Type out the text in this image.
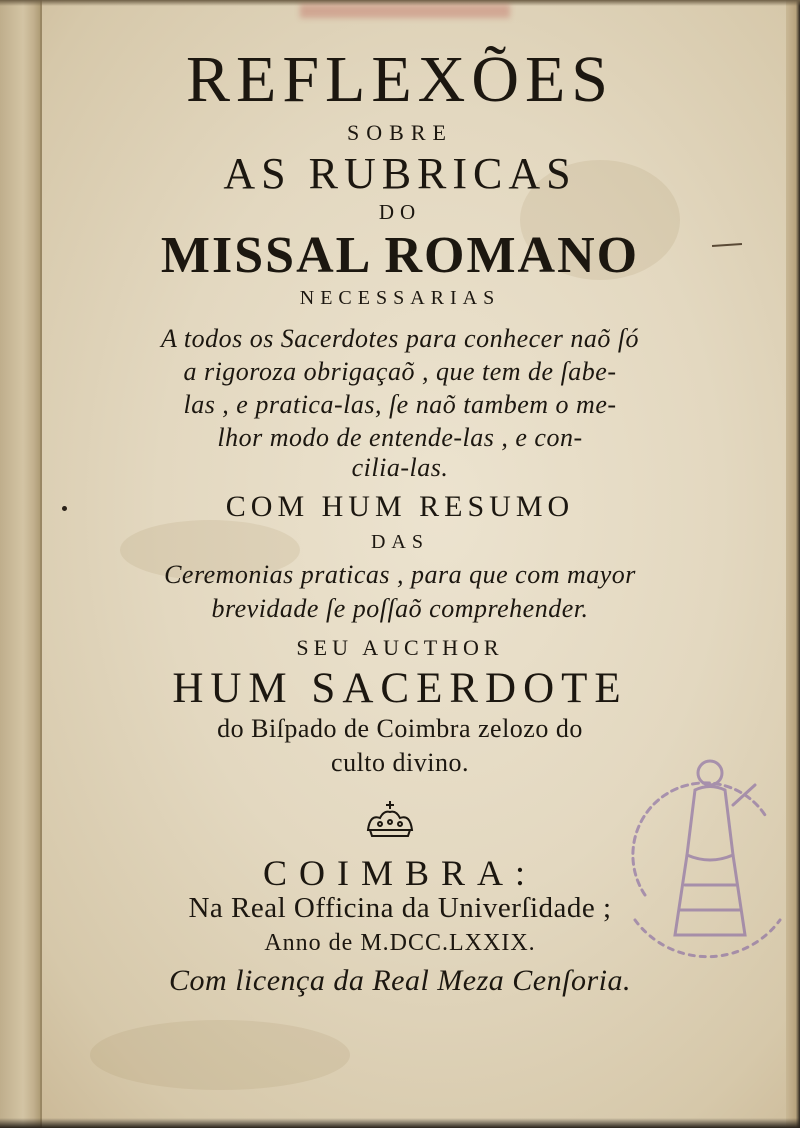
REFLEXÕES
SOBRE
AS RUBRICAS
DO
MISSAL ROMANO
NECESSARIAS
A todos os Sacerdotes para conhecer naõ ſó
a rigoroza obrigaçaõ , que tem de ſabe-
las , e pratica-las, ſe naõ tambem o me-
lhor modo de entende-las , e con-
cilia-las.
COM HUM RESUMO
DAS
Ceremonias praticas , para que com mayor
brevidade ſe poſſaõ comprehender.
SEU AUCTHOR
HUM SACERDOTE
do Biſpado de Coimbra zelozo do
culto divino.
COIMBRA:
Na Real Officina da Univerſidade ;
Anno de M.DCC.LXXIX.
Com licença da Real Meza Cenſoria.
